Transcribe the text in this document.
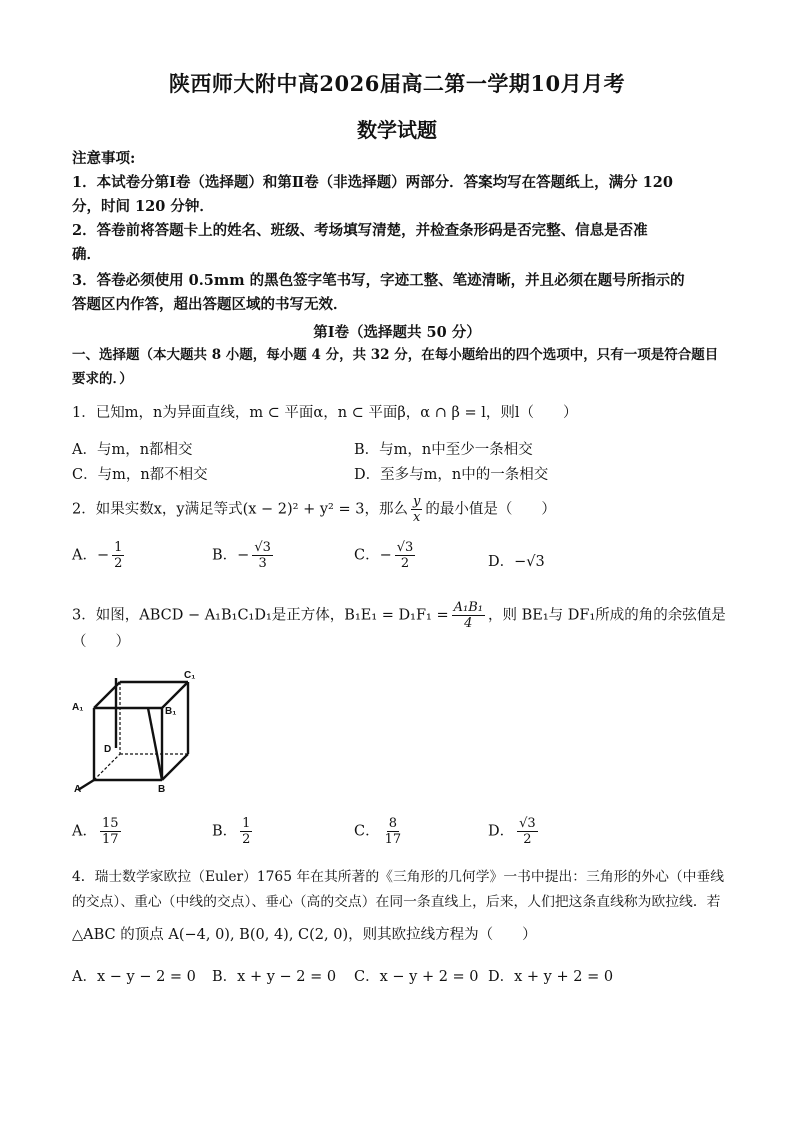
陕西师大附中高2026届高二第一学期10月月考
数学试题
注意事项:
1．本试卷分第Ⅰ卷（选择题）和第Ⅱ卷（非选择题）两部分．答案均写在答题纸上，满分 120
分，时间 120 分钟．
2．答卷前将答题卡上的姓名、班级、考场填写清楚，并检查条形码是否完整、信息是否准
确．
3．答卷必须使用 0.5mm 的黑色签字笔书写，字迹工整、笔迹清晰，并且必须在题号所指示的
答题区内作答，超出答题区域的书写无效．
第Ⅰ卷（选择题共 50 分）
一、选择题（本大题共 8 小题，每小题 4 分，共 32 分，在每小题给出的四个选项中，只有一项是符合题目
要求的．）
1．已知m，n为异面直线，m ⊂ 平面α，n ⊂ 平面β，α ∩ β = l，则l（　　）
A．与m，n都相交	B．与m，n中至少一条相交
C．与m，n都不相交	D．至多与m，n中的一条相交
2．如果实数x，y满足等式(x − 2)² + y² = 3，那么 $\frac{y}{x}$ 的最小值是（　　）
A．− $\frac{1}{2}$	B．− $\frac{√3}{3}$	C．− $\frac{√3}{2}$	D．−√3
3．如图，ABCD − A₁B₁C₁D₁是正方体，$B_1E_1 = D_1F_1 = \frac{\text{A₁B₁}}{4}$ ，则 BE₁与 DF₁所成的角的余弦值是
（　　）
A₁	B₁
C₁
D
A	B
A． $\frac{15}{17}$	B． $\frac{1}{2}$	C． $\frac{8}{17}$	D． $\frac{√3}{2}$
4．瑞士数学家欧拉（Euler）1765 年在其所著的《三角形的几何学》一书中提出：三角形的外心（中垂线
的交点）、重心（中线的交点）、垂心（高的交点）在同一条直线上，后来，人们把这条直线称为欧拉线．若
△ABC 的顶点 A(−4, 0), B(0, 4), C(2, 0)，则其欧拉线方程为（　　）
A．x − y − 2 = 0 B．x + y − 2 = 0 C．x − y + 2 = 0 D．x + y + 2 = 0
